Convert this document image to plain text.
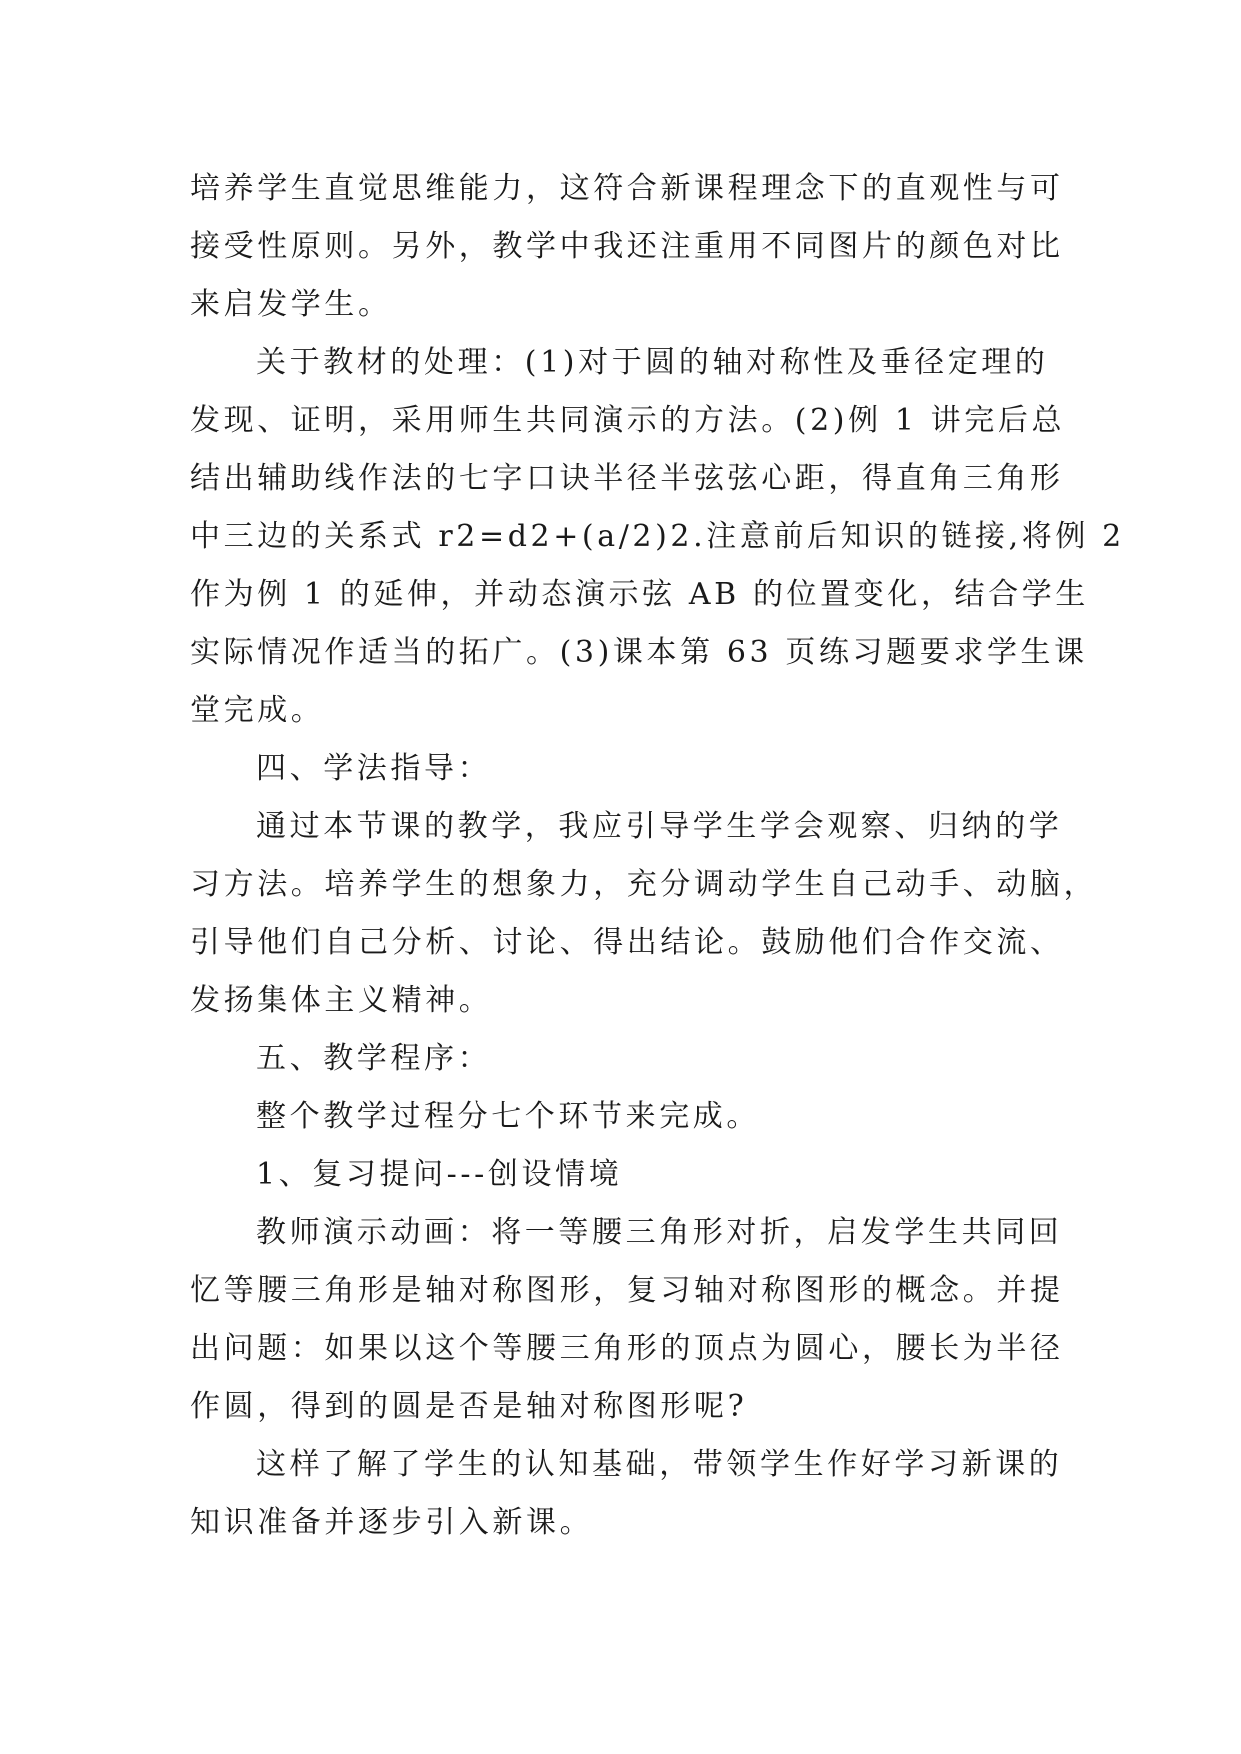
培养学生直觉思维能力，这符合新课程理念下的直观性与可
接受性原则。另外，教学中我还注重用不同图片的颜色对比
来启发学生。
关于教材的处理：(1)对于圆的轴对称性及垂径定理的
发现、证明，采用师生共同演示的方法。(2)例 1 讲完后总
结出辅助线作法的七字口诀半径半弦弦心距，得直角三角形
中三边的关系式 r2=d2+(a/2)2.注意前后知识的链接,将例 2
作为例 1 的延伸，并动态演示弦 AB 的位置变化，结合学生
实际情况作适当的拓广。(3)课本第 63 页练习题要求学生课
堂完成。
四、学法指导：
通过本节课的教学，我应引导学生学会观察、归纳的学
习方法。培养学生的想象力，充分调动学生自己动手、动脑，
引导他们自己分析、讨论、得出结论。鼓励他们合作交流、
发扬集体主义精神。
五、教学程序：
整个教学过程分七个环节来完成。
1、复习提问---创设情境
教师演示动画：将一等腰三角形对折，启发学生共同回
忆等腰三角形是轴对称图形，复习轴对称图形的概念。并提
出问题：如果以这个等腰三角形的顶点为圆心，腰长为半径
作圆，得到的圆是否是轴对称图形呢?
这样了解了学生的认知基础，带领学生作好学习新课的
知识准备并逐步引入新课。
